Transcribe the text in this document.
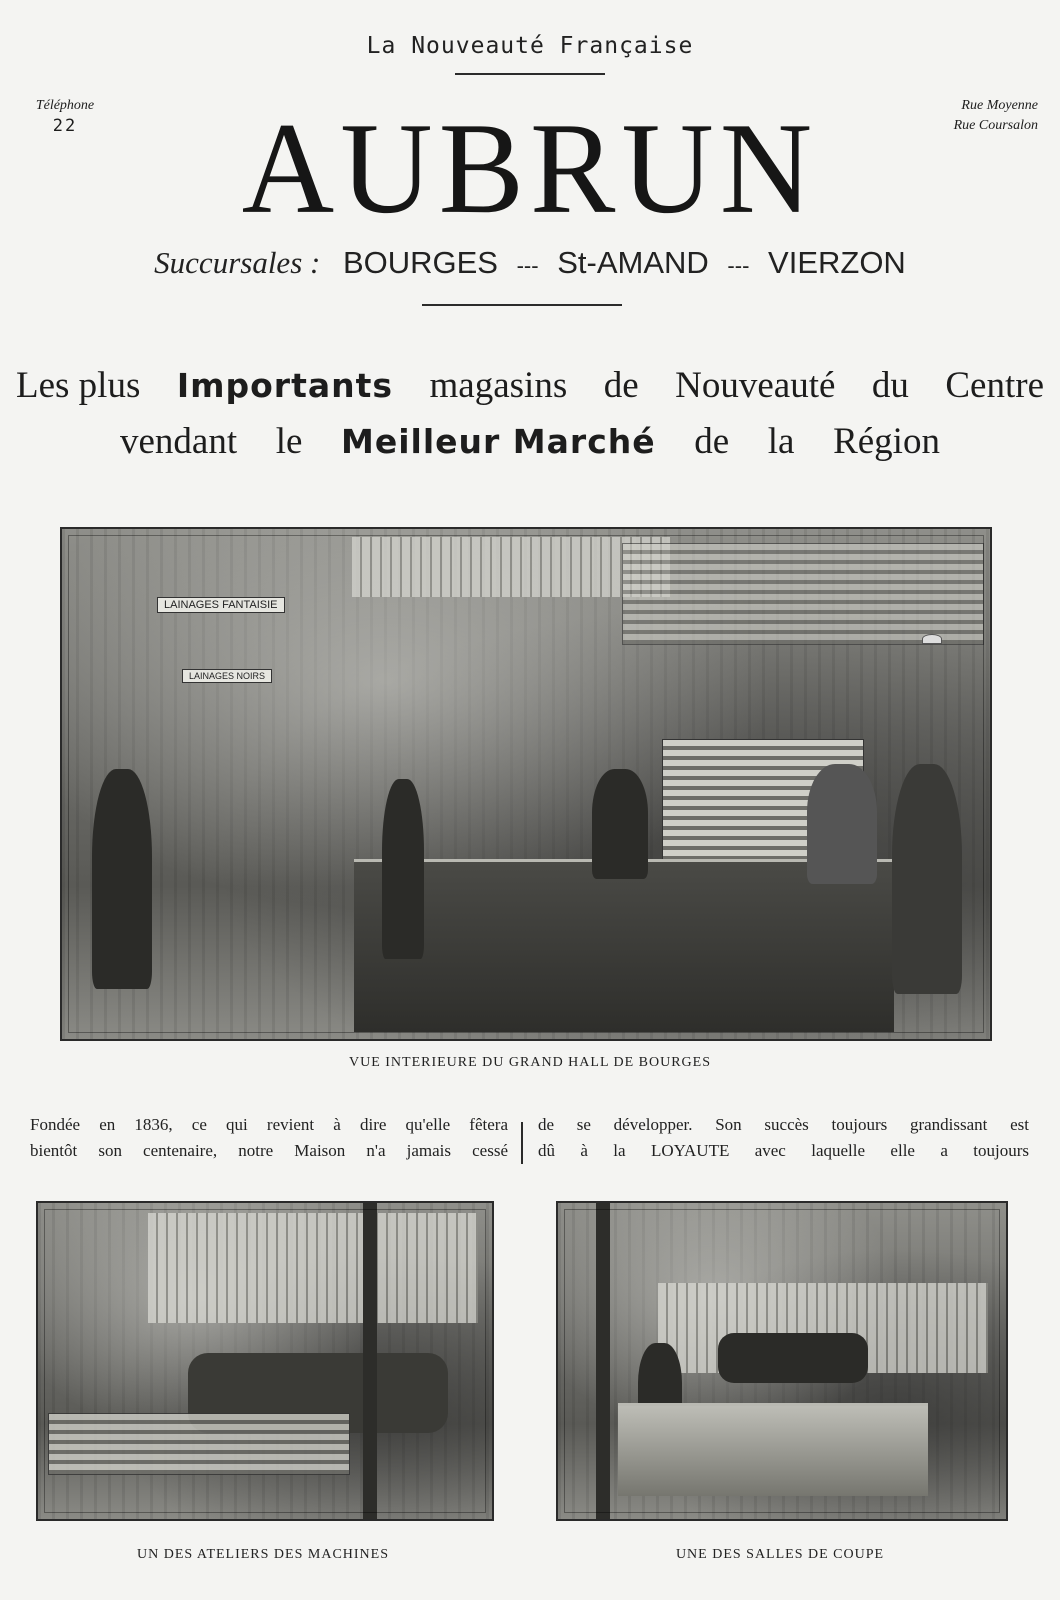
La Nouveauté Française
Téléphone
22
Rue Moyenne
Rue Coursalon
AUBRUN
Succursales : BOURGES --- St-AMAND --- VIERZON
Les plus Importants magasins de Nouveauté du Centre
vendant le Meilleur Marché de la Région
LAINAGES FANTAISIE
LAINAGES NOIRS
VUE INTERIEURE DU GRAND HALL DE BOURGES

Fondée en 1836, ce qui revient à dire qu'elle fêtera

bientôt son centenaire, notre Maison n'a jamais cessé

de se développer. Son succès toujours grandissant est

dû à la LOYAUTE avec laquelle elle a toujours

UN DES ATELIERS DES MACHINES	UNE DES SALLES DE COUPE
